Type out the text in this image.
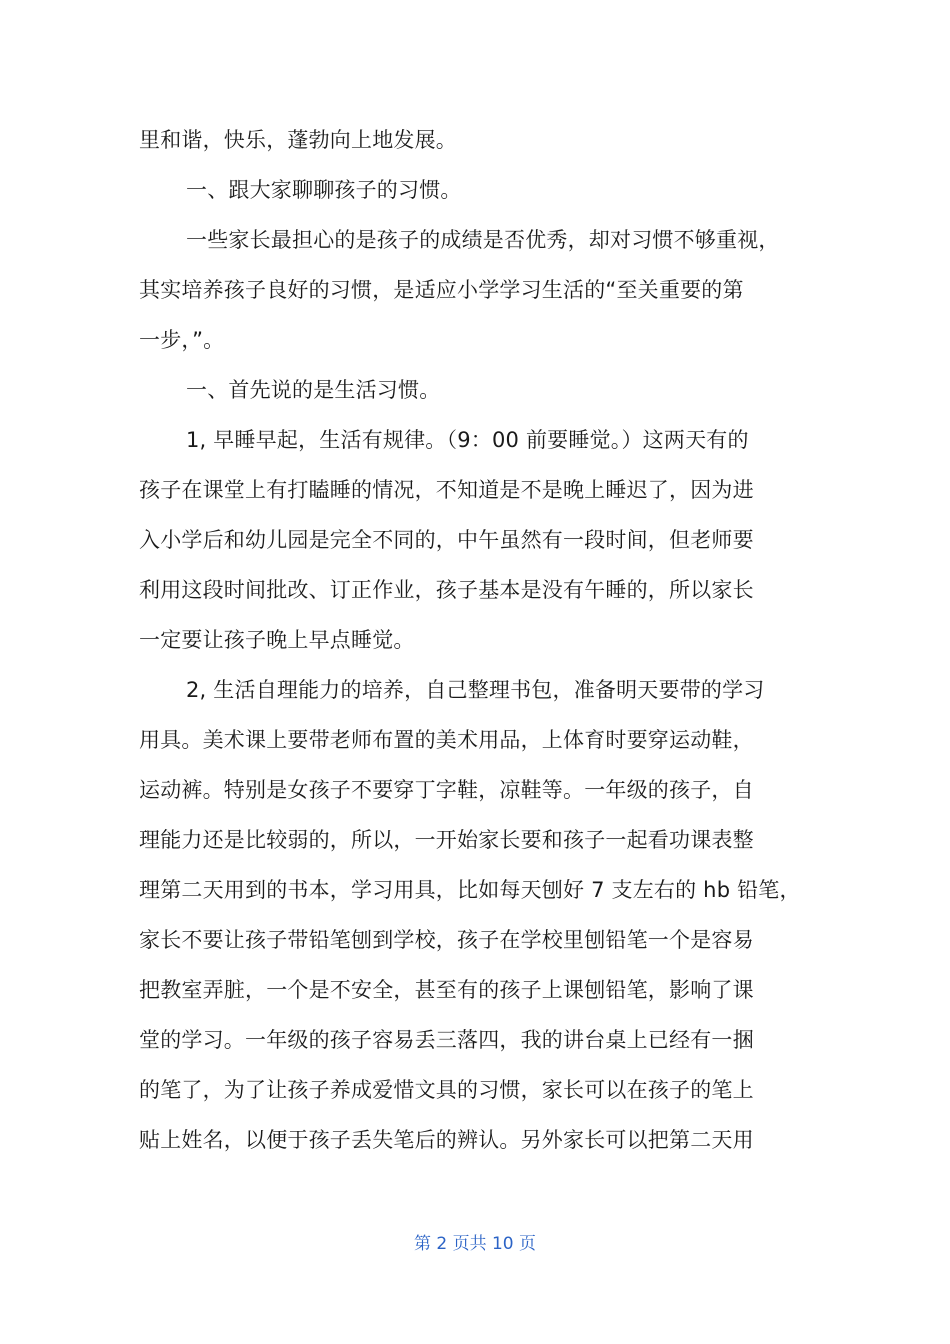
里和谐，快乐，蓬勃向上地发展。
一、跟大家聊聊孩子的习惯。
一些家长最担心的是孩子的成绩是否优秀，却对习惯不够重视，
其实培养孩子良好的习惯，是适应小学学习生活的“至关重要的第
一步，”。
一、首先说的是生活习惯。
1, 早睡早起，生活有规律。（9：00 前要睡觉。）这两天有的
孩子在课堂上有打瞌睡的情况，不知道是不是晚上睡迟了，因为进
入小学后和幼儿园是完全不同的，中午虽然有一段时间，但老师要
利用这段时间批改、订正作业，孩子基本是没有午睡的，所以家长
一定要让孩子晚上早点睡觉。
2, 生活自理能力的培养，自己整理书包，准备明天要带的学习
用具。美术课上要带老师布置的美术用品，上体育时要穿运动鞋，
运动裤。特别是女孩子不要穿丁字鞋，凉鞋等。一年级的孩子，自
理能力还是比较弱的，所以，一开始家长要和孩子一起看功课表整
理第二天用到的书本，学习用具，比如每天刨好 7 支左右的 hb 铅笔，
家长不要让孩子带铅笔刨到学校，孩子在学校里刨铅笔一个是容易
把教室弄脏，一个是不安全，甚至有的孩子上课刨铅笔，影响了课
堂的学习。一年级的孩子容易丢三落四，我的讲台桌上已经有一捆
的笔了，为了让孩子养成爱惜文具的习惯，家长可以在孩子的笔上
贴上姓名，以便于孩子丢失笔后的辨认。另外家长可以把第二天用
第 2 页共 10 页
